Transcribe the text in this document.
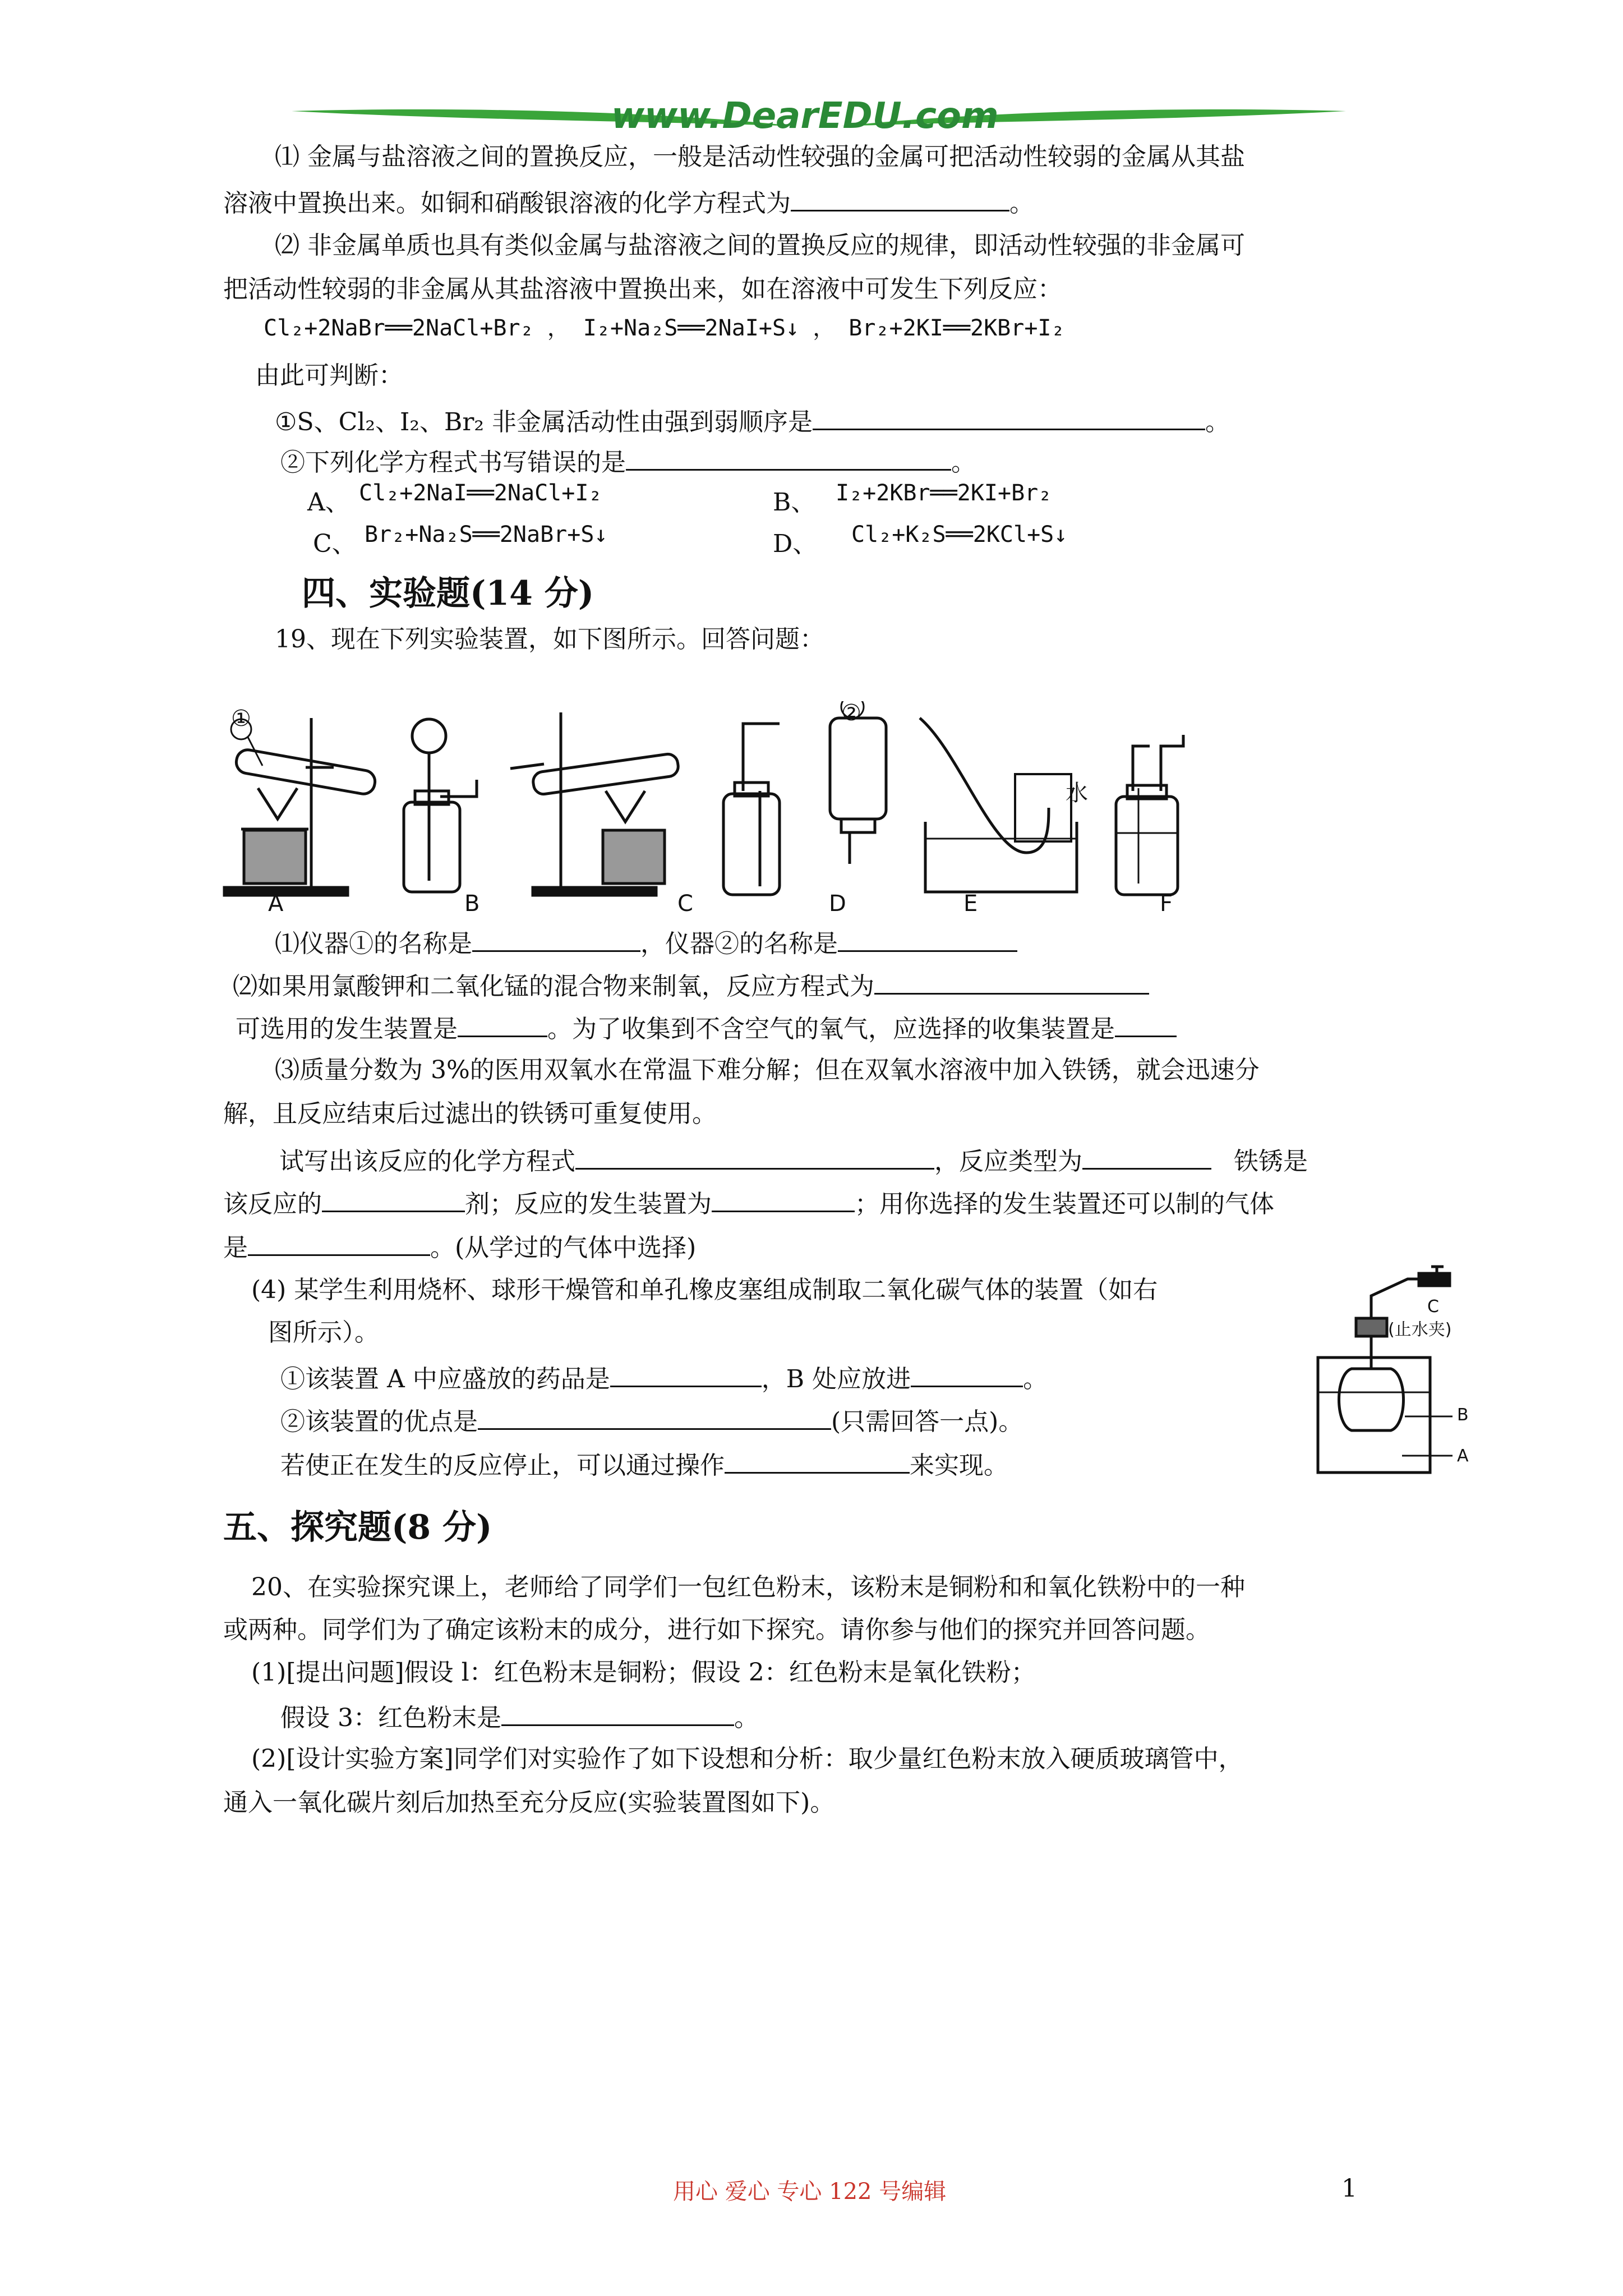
www.DearEDU.com
⑴ 金属与盐溶液之间的置换反应，一般是活动性较强的金属可把活动性较弱的金属从其盐
溶液中置换出来。如铜和硝酸银溶液的化学方程式为	。
⑵ 非金属单质也具有类似金属与盐溶液之间的置换反应的规律，即活动性较强的非金属可
把活动性较弱的非金属从其盐溶液中置换出来，如在溶液中可发生下列反应：
Cl₂+2NaBr══2NaCl+Br₂ ， I₂+Na₂S══2NaI+S↓ ， Br₂+2KI══2KBr+I₂
由此可判断：
①S、Cl₂、I₂、Br₂ 非金属活动性由强到弱顺序是	。
②下列化学方程式书写错误的是	。
A、 Cl₂+2NaI══2NaCl+I₂	B、 I₂+2KBr══2KI+Br₂
C、 Br₂+Na₂S══2NaBr+S↓	D、 Cl₂+K₂S══2KCl+S↓
四、实验题(14 分)
19、现在下列实验装置，如下图所示。回答问题：
①	②
水
A	B	C	D	E	F
⑴仪器①的名称是	，仪器②的名称是
⑵如果用氯酸钾和二氧化锰的混合物来制氧，反应方程式为
可选用的发生装置是	。为了收集到不含空气的氧气，应选择的收集装置是
⑶质量分数为 3%的医用双氧水在常温下难分解；但在双氧水溶液中加入铁锈，就会迅速分
解，且反应结束后过滤出的铁锈可重复使用。
试写出该反应的化学方程式	，反应类型为	铁锈是
该反应的	剂；反应的发生装置为	；用你选择的发生装置还可以制的气体
是	。(从学过的气体中选择)
(4) 某学生利用烧杯、球形干燥管和单孔橡皮塞组成制取二氧化碳气体的装置（如右
图所示）。
①该装置 A 中应盛放的药品是	，B 处应放进	。
②该装置的优点是	(只需回答一点)。
若使正在发生的反应停止，可以通过操作	来实现。
C
(止水夹)
B
A
五、探究题(8 分)
20、在实验探究课上，老师给了同学们一包红色粉末，该粉末是铜粉和和氧化铁粉中的一种
或两种。同学们为了确定该粉末的成分，进行如下探究。请你参与他们的探究并回答问题。
(1)[提出问题]假设 l：红色粉末是铜粉；假设 2：红色粉末是氧化铁粉；
假设 3：红色粉末是	。
(2)[设计实验方案]同学们对实验作了如下设想和分析：取少量红色粉末放入硬质玻璃管中，
通入一氧化碳片刻后加热至充分反应(实验装置图如下)。
用心 爱心 专心 122 号编辑	1
